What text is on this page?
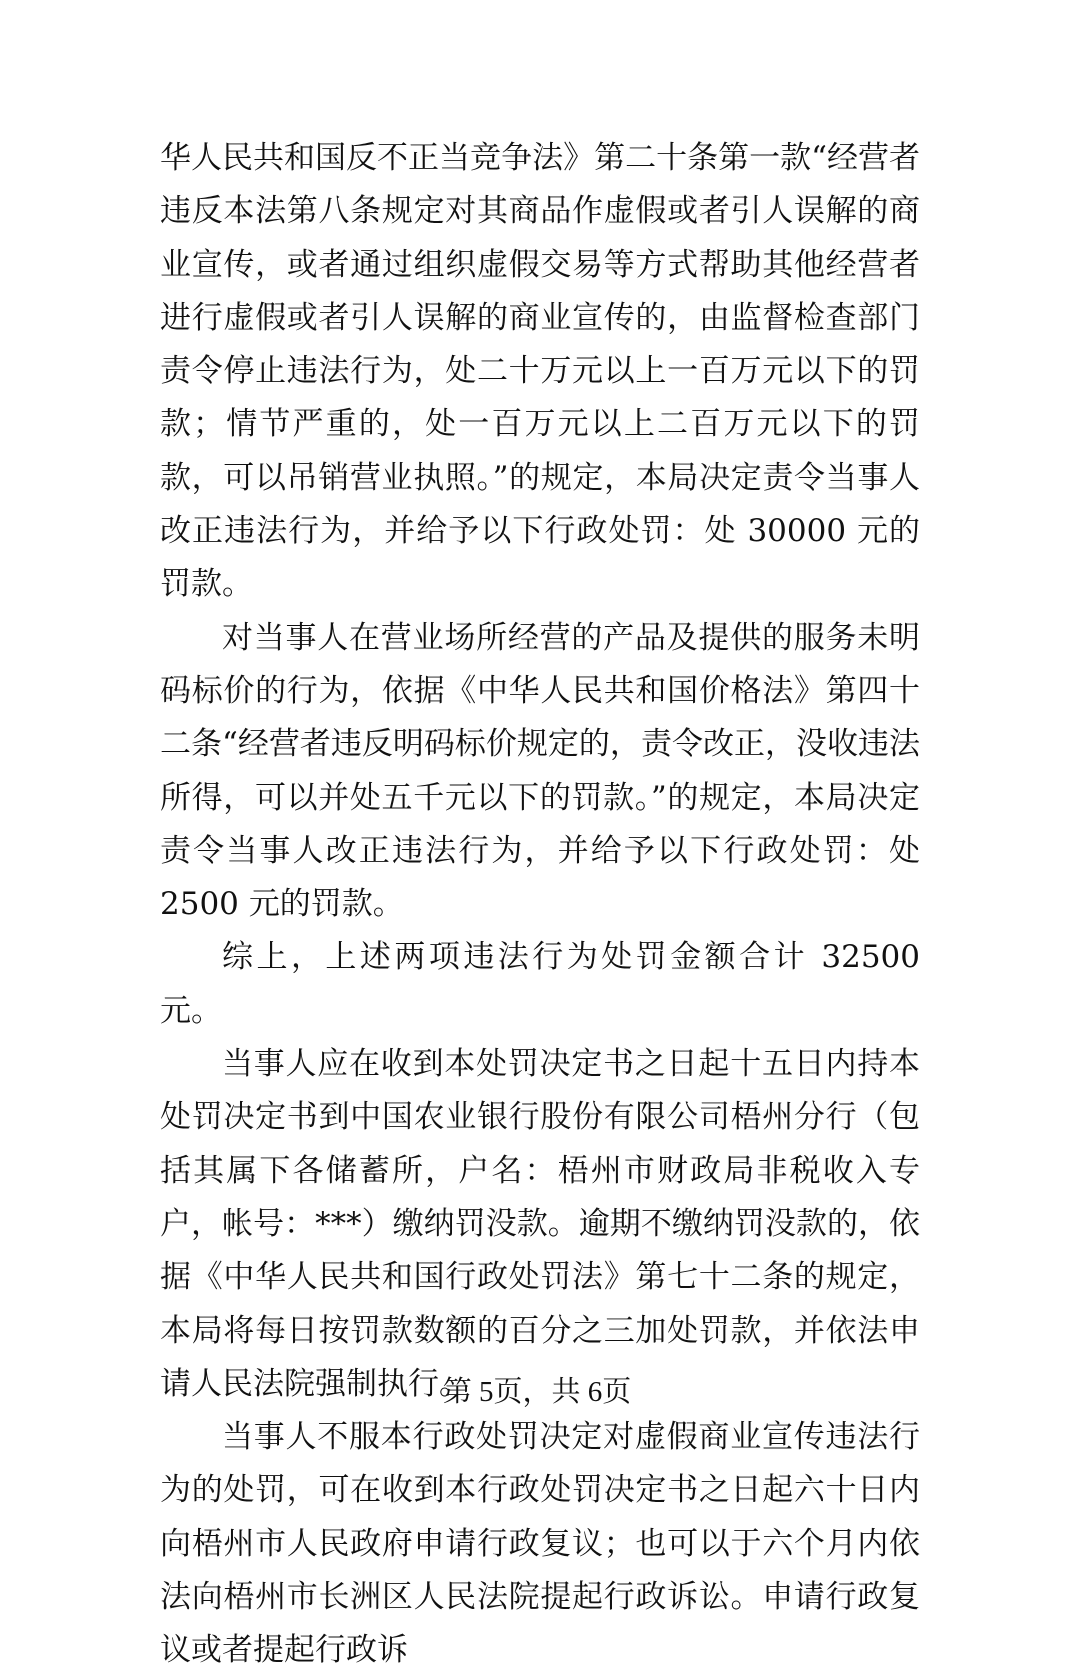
华人民共和国反不正当竞争法》第二十条第一款“经营者违反本法第八条规定对其商品作虚假或者引人误解的商业宣传，或者通过组织虚假交易等方式帮助其他经营者进行虚假或者引人误解的商业宣传的，由监督检查部门责令停止违法行为，处二十万元以上一百万元以下的罚款；情节严重的，处一百万元以上二百万元以下的罚款，可以吊销营业执照。”的规定，本局决定责令当事人改正违法行为，并给予以下行政处罚：处 30000 元的罚款。

对当事人在营业场所经营的产品及提供的服务未明码标价的行为，依据《中华人民共和国价格法》第四十二条“经营者违反明码标价规定的，责令改正，没收违法所得，可以并处五千元以下的罚款。”的规定，本局决定责令当事人改正违法行为，并给予以下行政处罚：处 2500 元的罚款。

综上，上述两项违法行为处罚金额合计 32500 元。

当事人应在收到本处罚决定书之日起十五日内持本处罚决定书到中国农业银行股份有限公司梧州分行（包括其属下各储蓄所，户名：梧州市财政局非税收入专户，帐号：***）缴纳罚没款。逾期不缴纳罚没款的，依据《中华人民共和国行政处罚法》第七十二条的规定，本局将每日按罚款数额的百分之三加处罚款，并依法申请人民法院强制执行。

当事人不服本行政处罚决定对虚假商业宣传违法行为的处罚，可在收到本行政处罚决定书之日起六十日内向梧州市人民政府申请行政复议；也可以于六个月内依法向梧州市长洲区人民法院提起行政诉讼。申请行政复议或者提起行政诉

第 5页，共 6页
